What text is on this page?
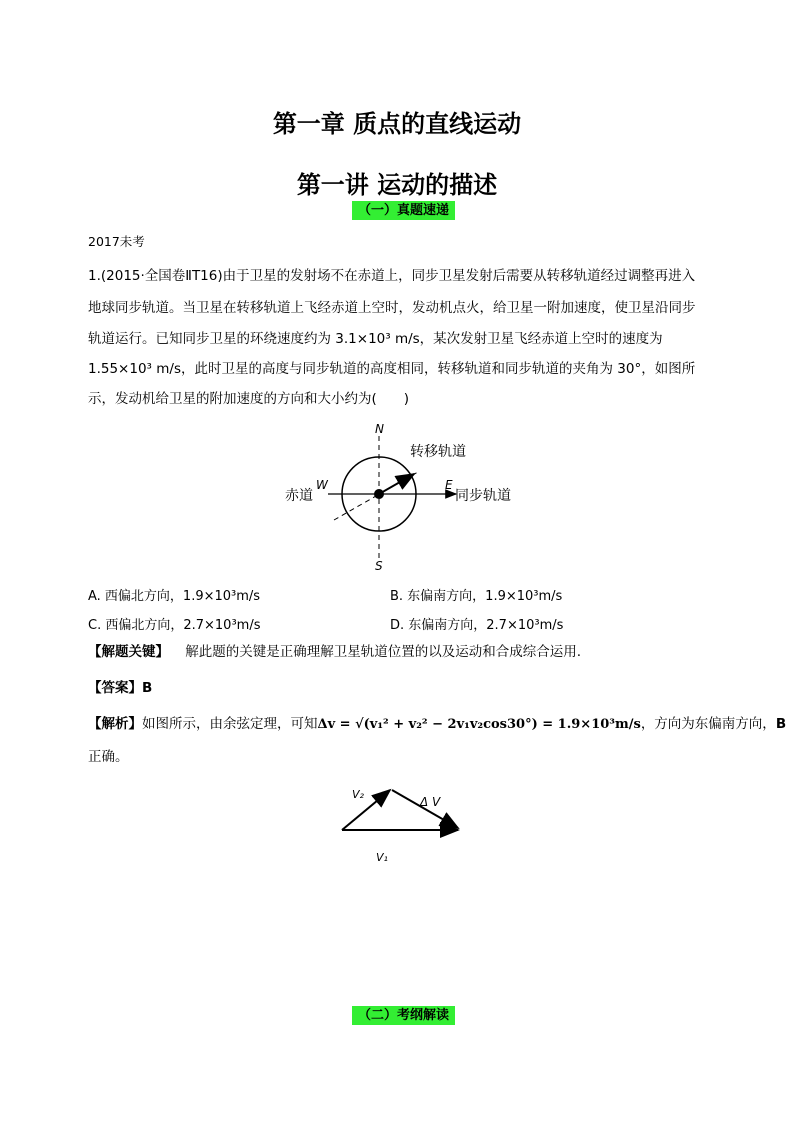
第一章 质点的直线运动
第一讲 运动的描述
（一）真题速递
2017未考
1.(2015·全国卷ⅡT16)由于卫星的发射场不在赤道上，同步卫星发射后需要从转移轨道经过调整再进入
地球同步轨道。当卫星在转移轨道上飞经赤道上空时，发动机点火，给卫星一附加速度，使卫星沿同步
轨道运行。已知同步卫星的环绕速度约为 3.1×10³ m/s，某次发射卫星飞经赤道上空时的速度为
1.55×10³ m/s，此时卫星的高度与同步轨道的高度相同，转移轨道和同步轨道的夹角为 30°，如图所
示，发动机给卫星的附加速度的方向和大小约为(　　)
N
S
E
W
转移轨道
赤道	同步轨道
A. 西偏北方向，1.9×10³m/s	B. 东偏南方向，1.9×10³m/s
C. 西偏北方向，2.7×10³m/s	D. 东偏南方向，2.7×10³m/s
【解题关键】 解此题的关键是正确理解卫星轨道位置的以及运动和合成综合运用.
【答案】B
【解析】如图所示，由余弦定理，可知Δv = √(v₁² + v₂² − 2v₁v₂cos30°) = 1.9×10³m/s，方向为东偏南方向，B
正确。
V₂
Δ V
V₁
（二）考纲解读
